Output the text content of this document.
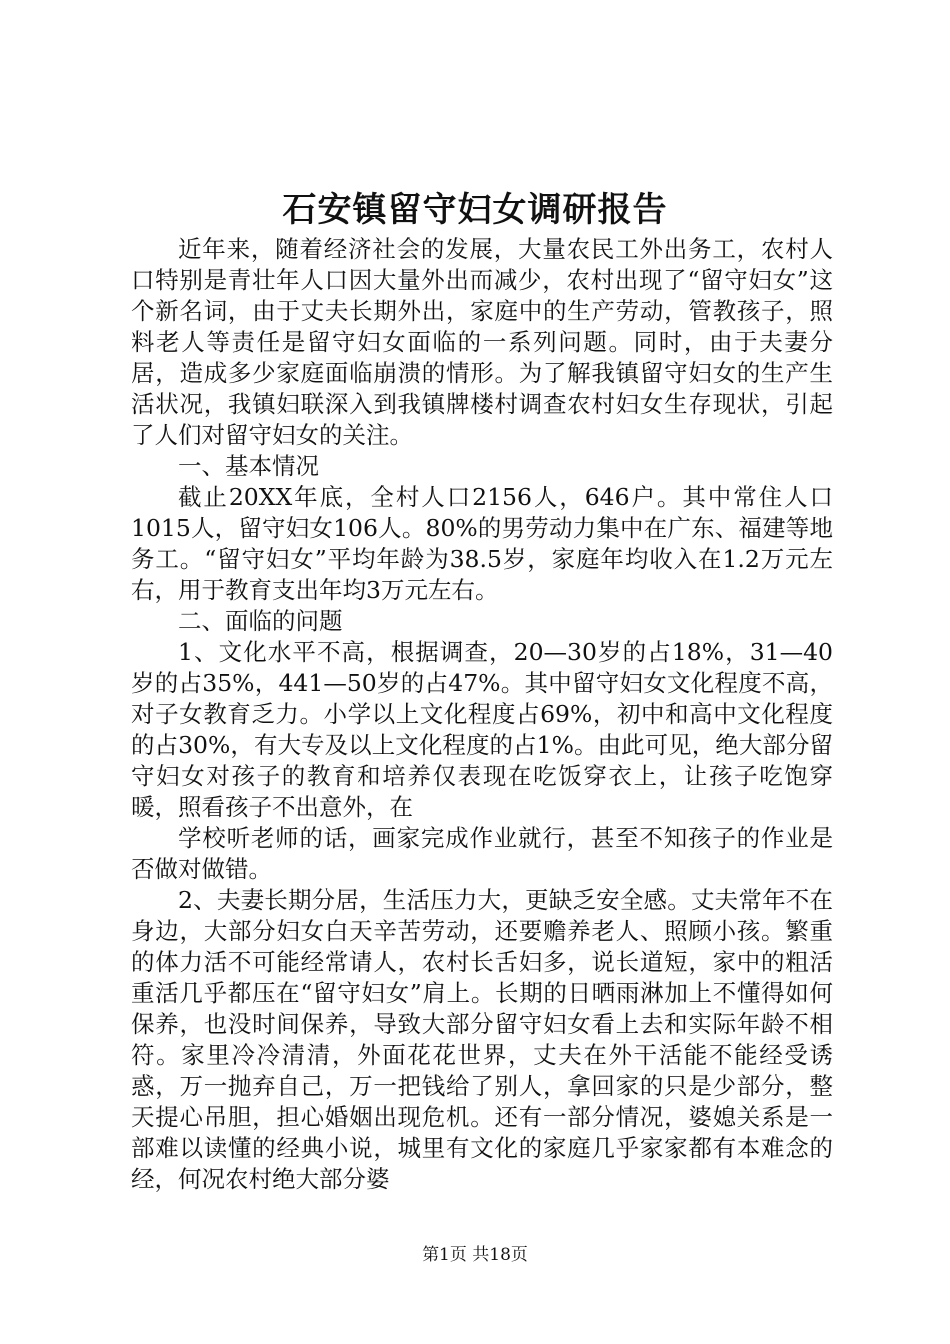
石安镇留守妇女调研报告

近年来，随着经济社会的发展，大量农民工外出务工，农村人口特别是青壮年人口因大量外出而减少，农村出现了“留守妇女”这个新名词，由于丈夫长期外出，家庭中的生产劳动，管教孩子，照料老人等责任是留守妇女面临的一系列问题。同时，由于夫妻分居，造成多少家庭面临崩溃的情形。为了解我镇留守妇女的生产生活状况，我镇妇联深入到我镇牌楼村调查农村妇女生存现状，引起了人们对留守妇女的关注。

一、基本情况

截止20XX年底，全村人口2156人，646户。其中常住人口1015人，留守妇女106人。80%的男劳动力集中在广东、福建等地务工。“留守妇女”平均年龄为38.5岁，家庭年均收入在1.2万元左右，用于教育支出年均3万元左右。

二、面临的问题

1、文化水平不高，根据调查，20—30岁的占18%，31—40岁的占35%，441—50岁的占47%。其中留守妇女文化程度不高，对子女教育乏力。小学以上文化程度占69%，初中和高中文化程度的占30%，有大专及以上文化程度的占1%。由此可见，绝大部分留守妇女对孩子的教育和培养仅表现在吃饭穿衣上，让孩子吃饱穿暖，照看孩子不出意外，在

学校听老师的话，画家完成作业就行，甚至不知孩子的作业是否做对做错。

2、夫妻长期分居，生活压力大，更缺乏安全感。丈夫常年不在身边，大部分妇女白天辛苦劳动，还要赡养老人、照顾小孩。繁重的体力活不可能经常请人，农村长舌妇多，说长道短，家中的粗活重活几乎都压在“留守妇女”肩上。长期的日晒雨淋加上不懂得如何保养，也没时间保养，导致大部分留守妇女看上去和实际年龄不相符。家里冷冷清清，外面花花世界，丈夫在外干活能不能经受诱惑，万一抛弃自己，万一把钱给了别人，拿回家的只是少部分，整天提心吊胆，担心婚姻出现危机。还有一部分情况，婆媳关系是一部难以读懂的经典小说，城里有文化的家庭几乎家家都有本难念的经，何况农村绝大部分婆

第1页 共18页
